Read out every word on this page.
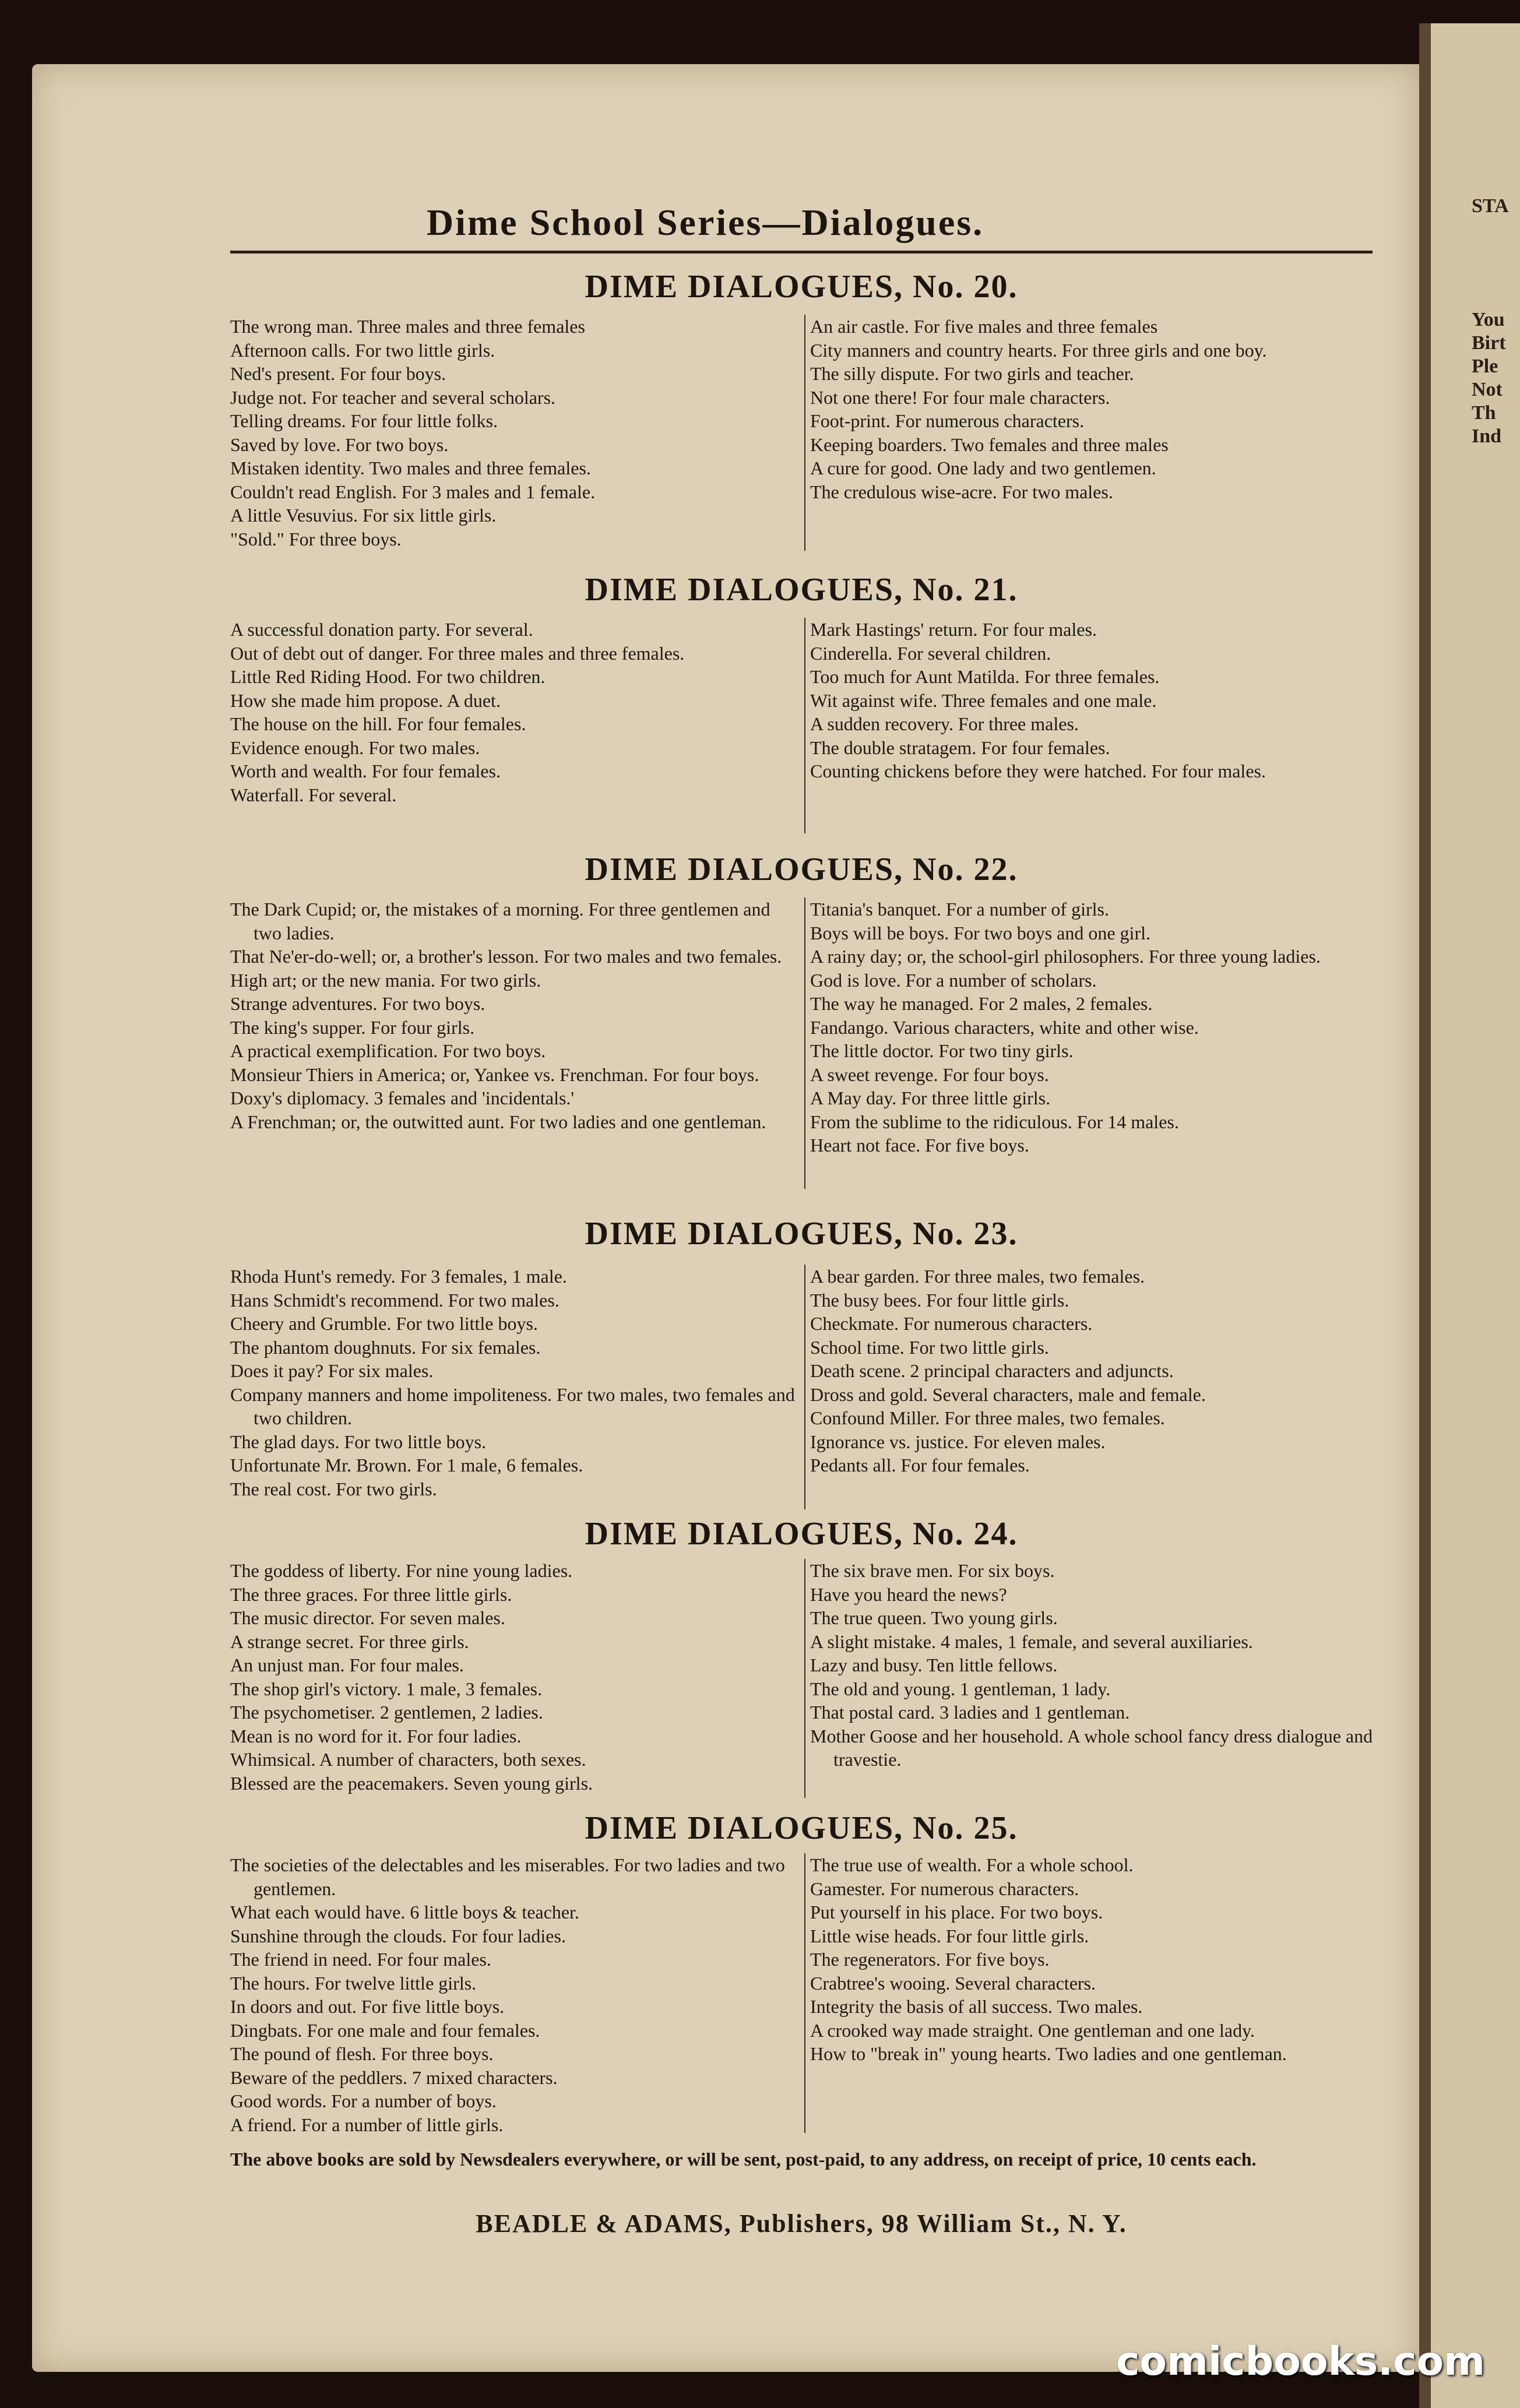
STA
You
Birt
Ple
Not
Th
Ind
Dime School Series—Dialogues.
DIME DIALOGUES, No. 20.
The wrong man. Three males and three females
Afternoon calls. For two little girls.
Ned's present. For four boys.
Judge not. For teacher and several scholars.
Telling dreams. For four little folks.
Saved by love. For two boys.
Mistaken identity. Two males and three females.
Couldn't read English. For 3 males and 1 female.
A little Vesuvius. For six little girls.
"Sold." For three boys.
An air castle. For five males and three females
City manners and country hearts. For three girls and one boy.
The silly dispute. For two girls and teacher.
Not one there! For four male characters.
Foot-print. For numerous characters.
Keeping boarders. Two females and three males
A cure for good. One lady and two gentlemen.
The credulous wise-acre. For two males.
DIME DIALOGUES, No. 21.
A successful donation party. For several.
Out of debt out of danger. For three males and three females.
Little Red Riding Hood. For two children.
How she made him propose. A duet.
The house on the hill. For four females.
Evidence enough. For two males.
Worth and wealth. For four females.
Waterfall. For several.
Mark Hastings' return. For four males.
Cinderella. For several children.
Too much for Aunt Matilda. For three females.
Wit against wife. Three females and one male.
A sudden recovery. For three males.
The double stratagem. For four females.
Counting chickens before they were hatched. For four males.
DIME DIALOGUES, No. 22.
The Dark Cupid; or, the mistakes of a morning. For three gentlemen and two ladies.
That Ne'er-do-well; or, a brother's lesson. For two males and two females.
High art; or the new mania. For two girls.
Strange adventures. For two boys.
The king's supper. For four girls.
A practical exemplification. For two boys.
Monsieur Thiers in America; or, Yankee vs. Frenchman. For four boys.
Doxy's diplomacy. 3 females and 'incidentals.'
A Frenchman; or, the outwitted aunt. For two ladies and one gentleman.
Titania's banquet. For a number of girls.
Boys will be boys. For two boys and one girl.
A rainy day; or, the school-girl philosophers. For three young ladies.
God is love. For a number of scholars.
The way he managed. For 2 males, 2 females.
Fandango. Various characters, white and other wise.
The little doctor. For two tiny girls.
A sweet revenge. For four boys.
A May day. For three little girls.
From the sublime to the ridiculous. For 14 males.
Heart not face. For five boys.
DIME DIALOGUES, No. 23.
Rhoda Hunt's remedy. For 3 females, 1 male.
Hans Schmidt's recommend. For two males.
Cheery and Grumble. For two little boys.
The phantom doughnuts. For six females.
Does it pay? For six males.
Company manners and home impoliteness. For two males, two females and two children.
The glad days. For two little boys.
Unfortunate Mr. Brown. For 1 male, 6 females.
The real cost. For two girls.
A bear garden. For three males, two females.
The busy bees. For four little girls.
Checkmate. For numerous characters.
School time. For two little girls.
Death scene. 2 principal characters and adjuncts.
Dross and gold. Several characters, male and female.
Confound Miller. For three males, two females.
Ignorance vs. justice. For eleven males.
Pedants all. For four females.
DIME DIALOGUES, No. 24.
The goddess of liberty. For nine young ladies.
The three graces. For three little girls.
The music director. For seven males.
A strange secret. For three girls.
An unjust man. For four males.
The shop girl's victory. 1 male, 3 females.
The psychometiser. 2 gentlemen, 2 ladies.
Mean is no word for it. For four ladies.
Whimsical. A number of characters, both sexes.
Blessed are the peacemakers. Seven young girls.
The six brave men. For six boys.
Have you heard the news?
The true queen. Two young girls.
A slight mistake. 4 males, 1 female, and several auxiliaries.
Lazy and busy. Ten little fellows.
The old and young. 1 gentleman, 1 lady.
That postal card. 3 ladies and 1 gentleman.
Mother Goose and her household. A whole school fancy dress dialogue and travestie.
DIME DIALOGUES, No. 25.
The societies of the delectables and les miserables. For two ladies and two gentlemen.
What each would have. 6 little boys & teacher.
Sunshine through the clouds. For four ladies.
The friend in need. For four males.
The hours. For twelve little girls.
In doors and out. For five little boys.
Dingbats. For one male and four females.
The pound of flesh. For three boys.
Beware of the peddlers. 7 mixed characters.
Good words. For a number of boys.
A friend. For a number of little girls.
The true use of wealth. For a whole school.
Gamester. For numerous characters.
Put yourself in his place. For two boys.
Little wise heads. For four little girls.
The regenerators. For five boys.
Crabtree's wooing. Several characters.
Integrity the basis of all success. Two males.
A crooked way made straight. One gentleman and one lady.
How to "break in" young hearts. Two ladies and one gentleman.
The above books are sold by Newsdealers everywhere, or will be sent, post-paid, to any address, on receipt of price, 10 cents each.
BEADLE & ADAMS, Publishers, 98 William St., N. Y.
comicbooks.com
